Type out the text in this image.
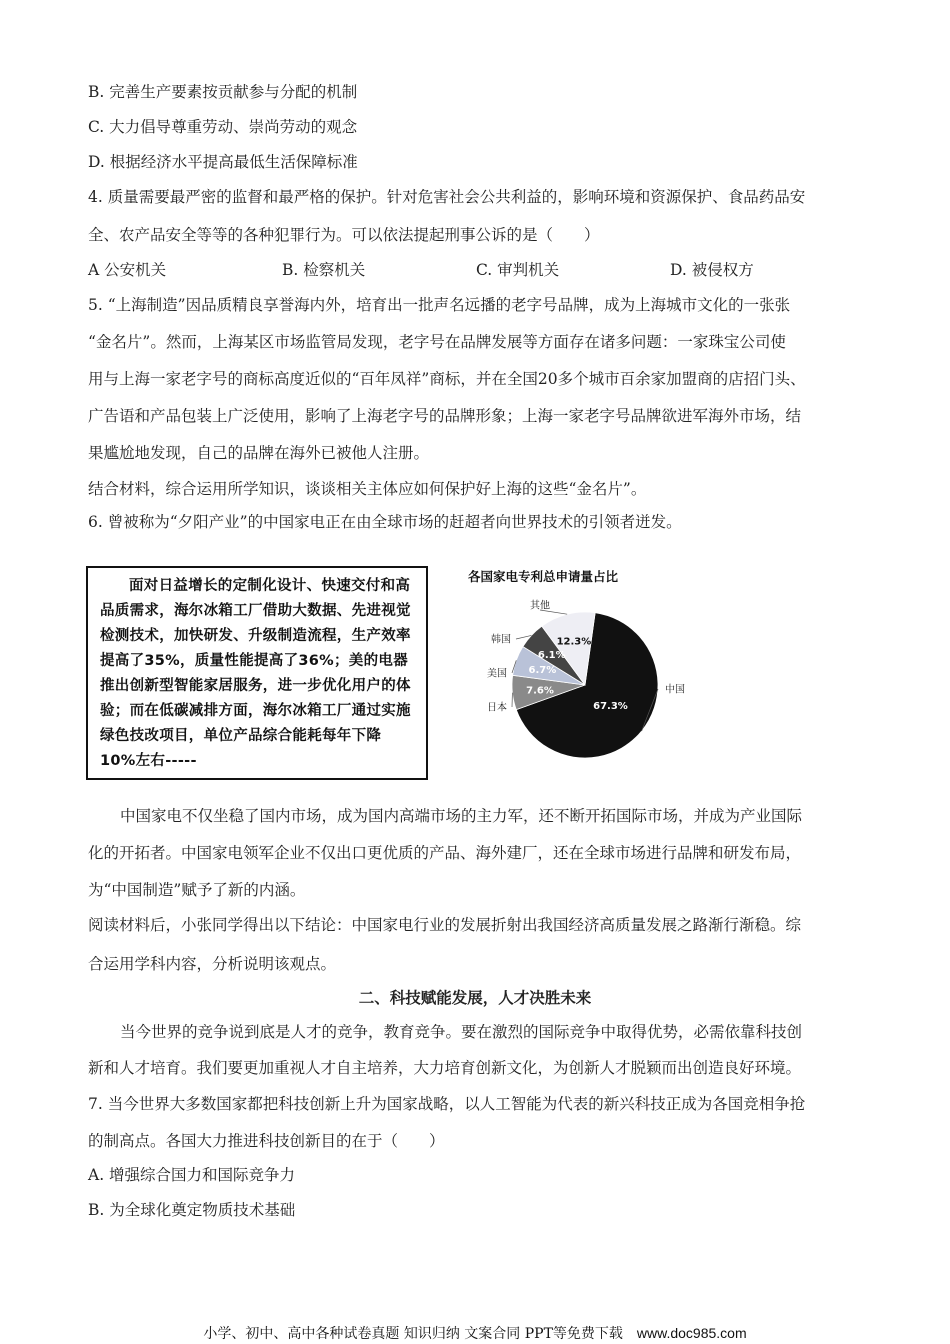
B. 完善生产要素按贡献参与分配的机制
C. 大力倡导尊重劳动、崇尚劳动的观念
D. 根据经济水平提高最低生活保障标准
4. 质量需要最严密的监督和最严格的保护。针对危害社会公共利益的，影响环境和资源保护、食品药品安
全、农产品安全等等的各种犯罪行为。可以依法提起刑事公诉的是（　　）
A 公安机关	B. 检察机关	C. 审判机关	D. 被侵权方
5. “上海制造”因品质精良享誉海内外，培育出一批声名远播的老字号品牌，成为上海城市文化的一张张
“金名片”。然而，上海某区市场监管局发现，老字号在品牌发展等方面存在诸多问题：一家珠宝公司使
用与上海一家老字号的商标高度近似的“百年凤祥”商标，并在全国20多个城市百余家加盟商的店招门头、
广告语和产品包装上广泛使用，影响了上海老字号的品牌形象；上海一家老字号品牌欲进军海外市场，结
果尴尬地发现，自己的品牌在海外已被他人注册。
结合材料，综合运用所学知识，谈谈相关主体应如何保护好上海的这些“金名片”。
6. 曾被称为“夕阳产业”的中国家电正在由全球市场的赶超者向世界技术的引领者迸发。

面对日益增长的定制化设计、快速交付和高品质需求，海尔冰箱工厂借助大数据、先进视觉检测技术，加快研发、升级制造流程，生产效率提高了35%，质量性能提高了36%；美的电器推出创新型智能家居服务，进一步优化用户的体验；而在低碳减排方面，海尔冰箱工厂通过实施绿色技改项目，单位产品综合能耗每年下降10%左右-----

各国家电专利总申请量占比
67.3%
中国
7.6%
日本
6.7%
美国
6.1%
韩国	12.3%
其他
中国家电不仅坐稳了国内市场，成为国内高端市场的主力军，还不断开拓国际市场，并成为产业国际
化的开拓者。中国家电领军企业不仅出口更优质的产品、海外建厂，还在全球市场进行品牌和研发布局，
为“中国制造”赋予了新的内涵。
阅读材料后，小张同学得出以下结论：中国家电行业的发展折射出我国经济高质量发展之路渐行渐稳。综
合运用学科内容，分析说明该观点。
二、科技赋能发展，人才决胜未来
当今世界的竞争说到底是人才的竞争，教育竞争。要在激烈的国际竞争中取得优势，必需依靠科技创
新和人才培育。我们要更加重视人才自主培养，大力培育创新文化，为创新人才脱颖而出创造良好环境。
7. 当今世界大多数国家都把科技创新上升为国家战略，以人工智能为代表的新兴科技正成为各国竞相争抢
的制高点。各国大力推进科技创新目的在于（　　）
A. 增强综合国力和国际竞争力
B. 为全球化奠定物质技术基础
小学、初中、高中各种试卷真题 知识归纳 文案合同 PPT等免费下载 www.doc985.com
